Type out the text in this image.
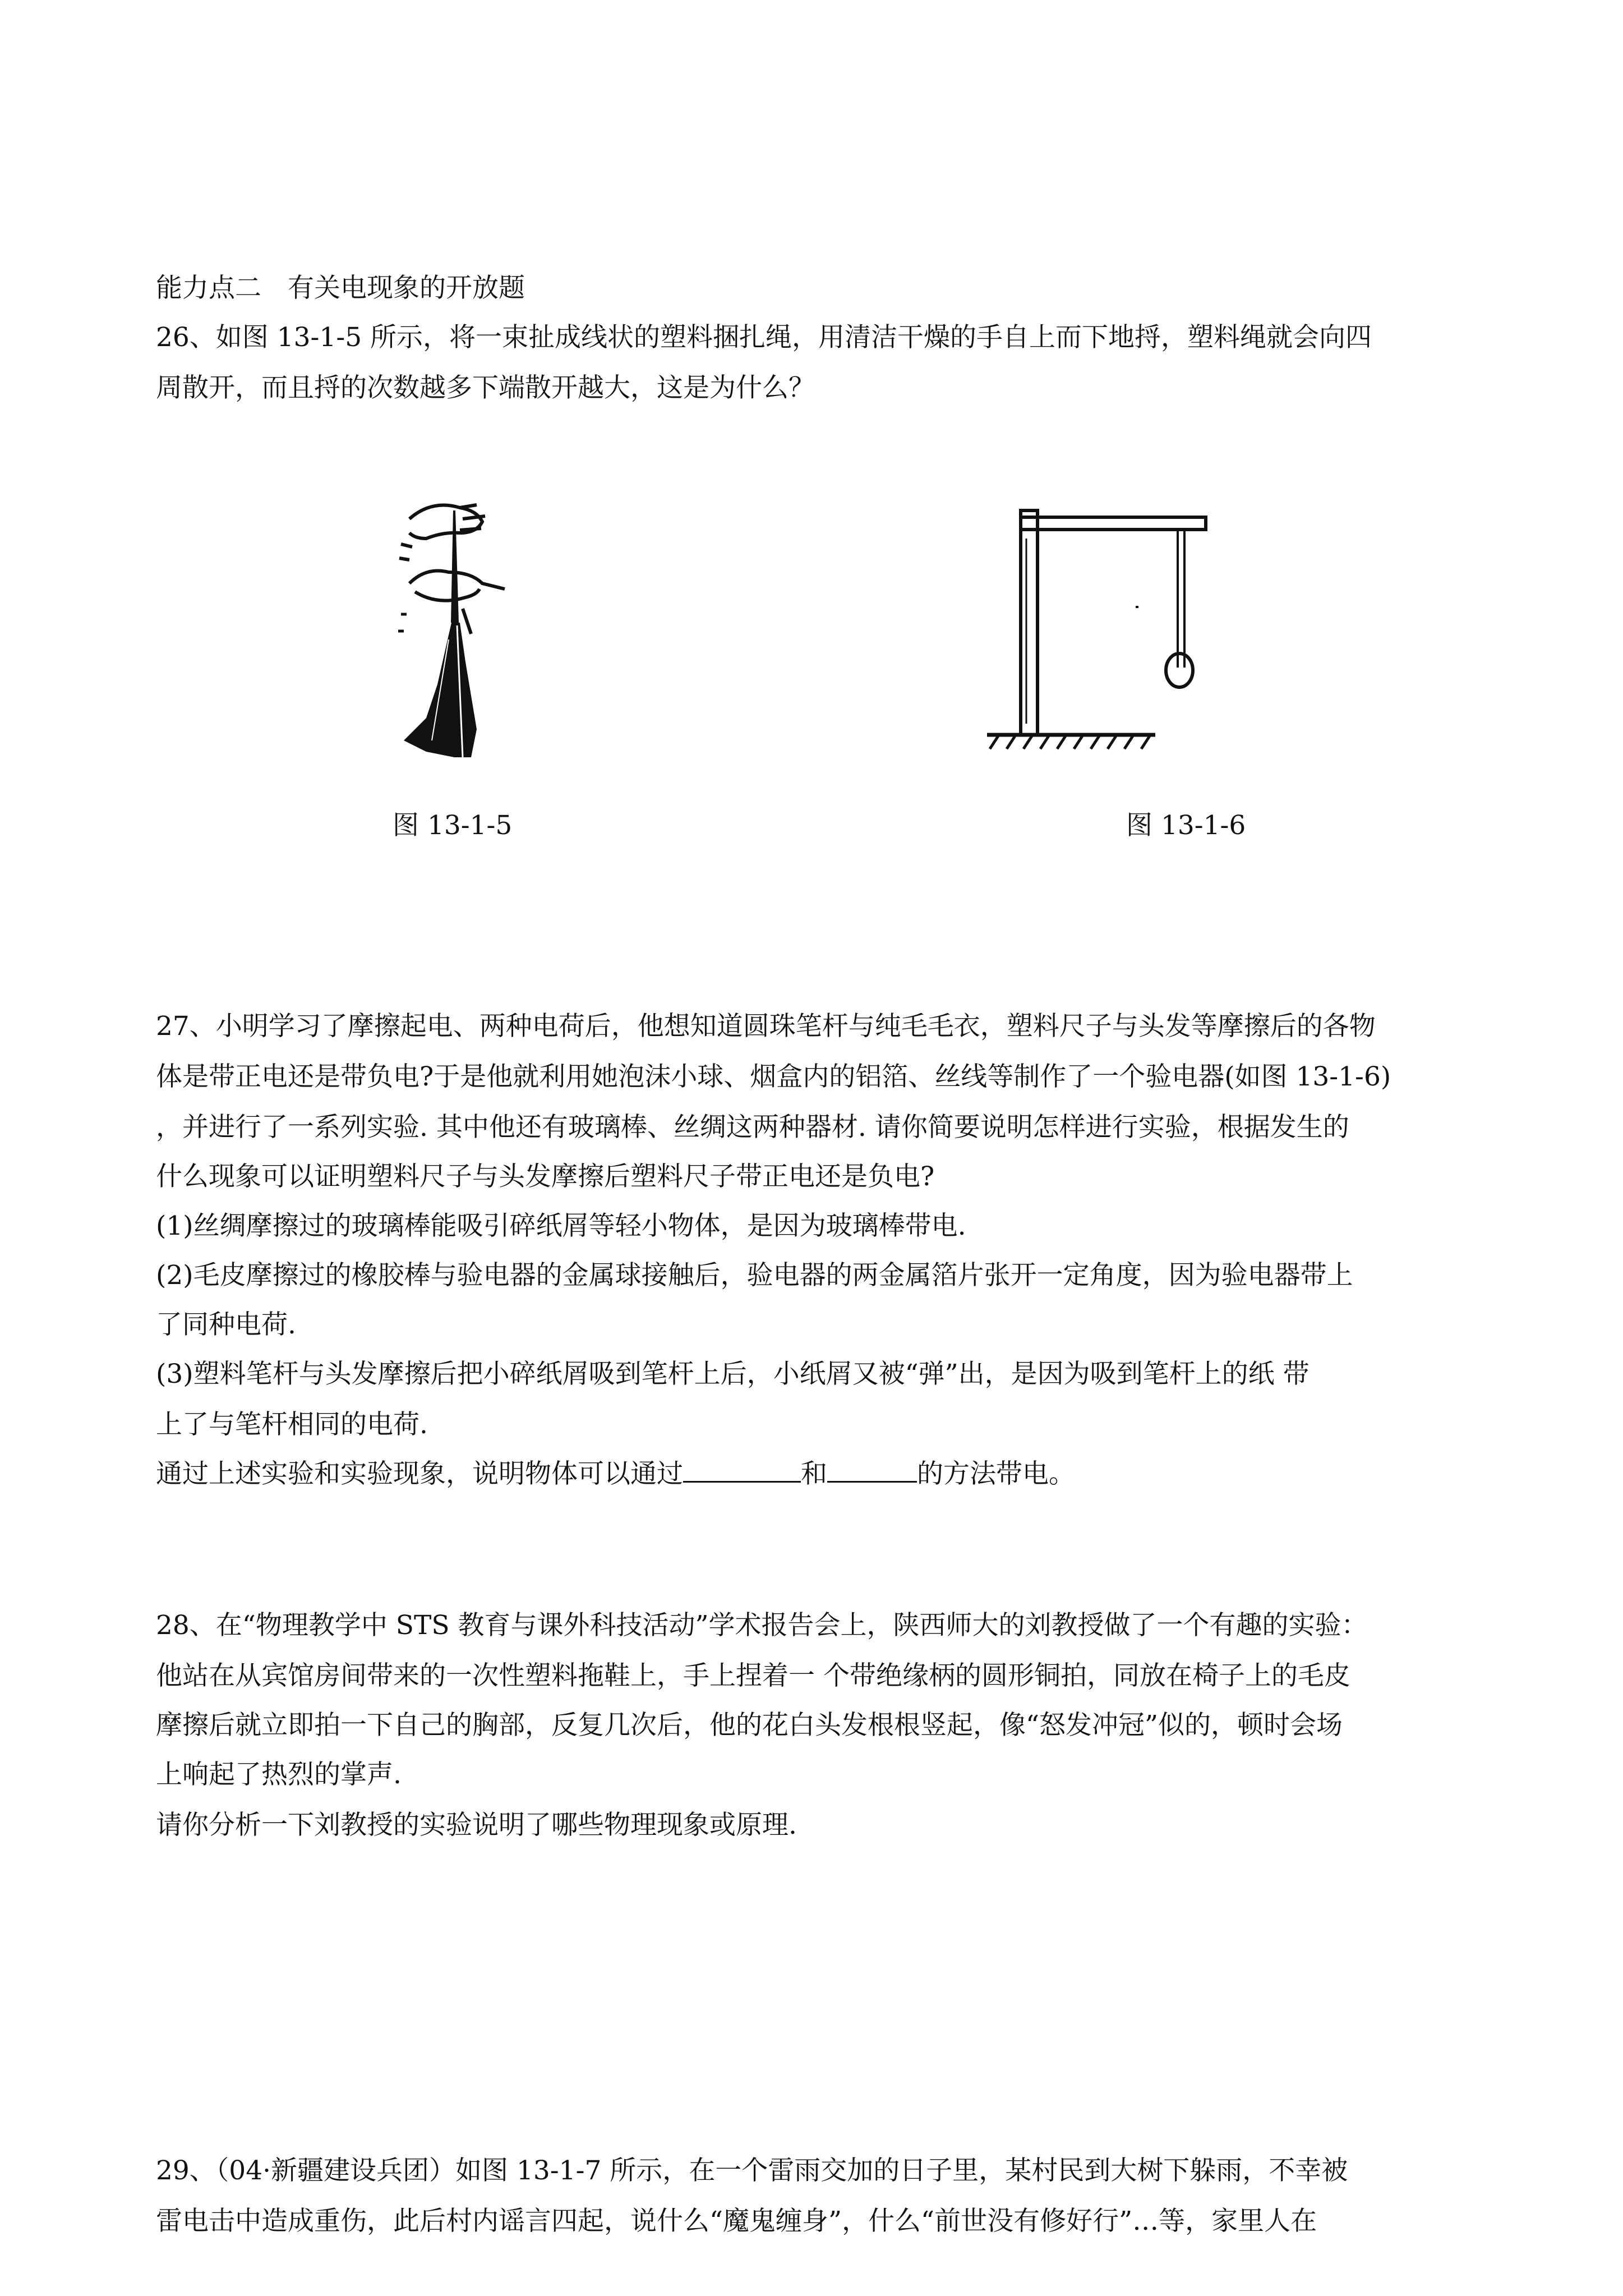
能力点二　有关电现象的开放题
26、如图 13-1-5 所示，将一束扯成线状的塑料捆扎绳，用清洁干燥的手自上而下地捋，塑料绳就会向四
周散开，而且捋的次数越多下端散开越大，这是为什么？
图 13-1-5	图 13-1-6
27、小明学习了摩擦起电、两种电荷后，他想知道圆珠笔杆与纯毛毛衣，塑料尺子与头发等摩擦后的各物
体是带正电还是带负电?于是他就利用她泡沫小球、烟盒内的铝箔、丝线等制作了一个验电器(如图 13-1-6)
，并进行了一系列实验. 其中他还有玻璃棒、丝绸这两种器材. 请你简要说明怎样进行实验，根据发生的
什么现象可以证明塑料尺子与头发摩擦后塑料尺子带正电还是负电?
(1)丝绸摩擦过的玻璃棒能吸引碎纸屑等轻小物体，是因为玻璃棒带电.
(2)毛皮摩擦过的橡胶棒与验电器的金属球接触后，验电器的两金属箔片张开一定角度，因为验电器带上
了同种电荷.
(3)塑料笔杆与头发摩擦后把小碎纸屑吸到笔杆上后，小纸屑又被“弹”出，是因为吸到笔杆上的纸 带
上了与笔杆相同的电荷.
通过上述实验和实验现象，说明物体可以通过	和	的方法带电。
28、在“物理教学中 STS 教育与课外科技活动”学术报告会上，陕西师大的刘教授做了一个有趣的实验：
他站在从宾馆房间带来的一次性塑料拖鞋上，手上捏着一 个带绝缘柄的圆形铜拍，同放在椅子上的毛皮
摩擦后就立即拍一下自己的胸部，反复几次后，他的花白头发根根竖起，像“怒发冲冠”似的，顿时会场
上响起了热烈的掌声.
请你分析一下刘教授的实验说明了哪些物理现象或原理.
29、（04·新疆建设兵团）如图 13-1-7 所示，在一个雷雨交加的日子里，某村民到大树下躲雨，不幸被
雷电击中造成重伤，此后村内谣言四起，说什么“魔鬼缠身”，什么“前世没有修好行”…等，家里人在
